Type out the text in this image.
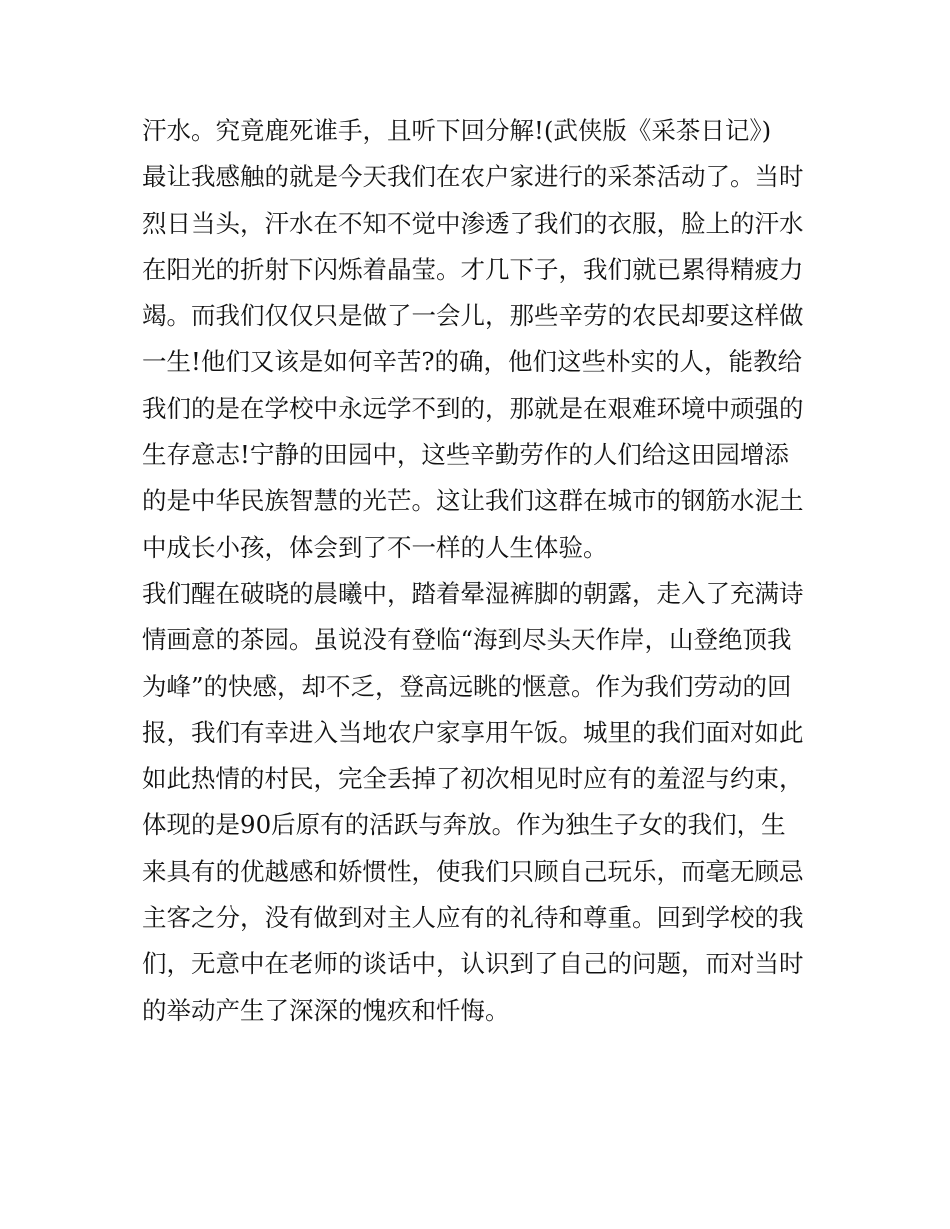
汗水。究竟鹿死谁手，且听下回分解!(武侠版《采茶日记》)
最让我感触的就是今天我们在农户家进行的采茶活动了。当时
烈日当头，汗水在不知不觉中渗透了我们的衣服，脸上的汗水
在阳光的折射下闪烁着晶莹。才几下子，我们就已累得精疲力
竭。而我们仅仅只是做了一会儿，那些辛劳的农民却要这样做
一生!他们又该是如何辛苦?的确，他们这些朴实的人，能教给
我们的是在学校中永远学不到的，那就是在艰难环境中顽强的
生存意志!宁静的田园中，这些辛勤劳作的人们给这田园增添
的是中华民族智慧的光芒。这让我们这群在城市的钢筋水泥土
中成长小孩，体会到了不一样的人生体验。
我们醒在破晓的晨曦中，踏着晕湿裤脚的朝露，走入了充满诗
情画意的茶园。虽说没有登临“海到尽头天作岸，山登绝顶我
为峰”的快感，却不乏，登高远眺的惬意。作为我们劳动的回
报，我们有幸进入当地农户家享用午饭。城里的我们面对如此
如此热情的村民，完全丢掉了初次相见时应有的羞涩与约束，
体现的是90后原有的活跃与奔放。作为独生子女的我们，生
来具有的优越感和娇惯性，使我们只顾自己玩乐，而毫无顾忌
主客之分，没有做到对主人应有的礼待和尊重。回到学校的我
们，无意中在老师的谈话中，认识到了自己的问题，而对当时
的举动产生了深深的愧疚和忏悔。
